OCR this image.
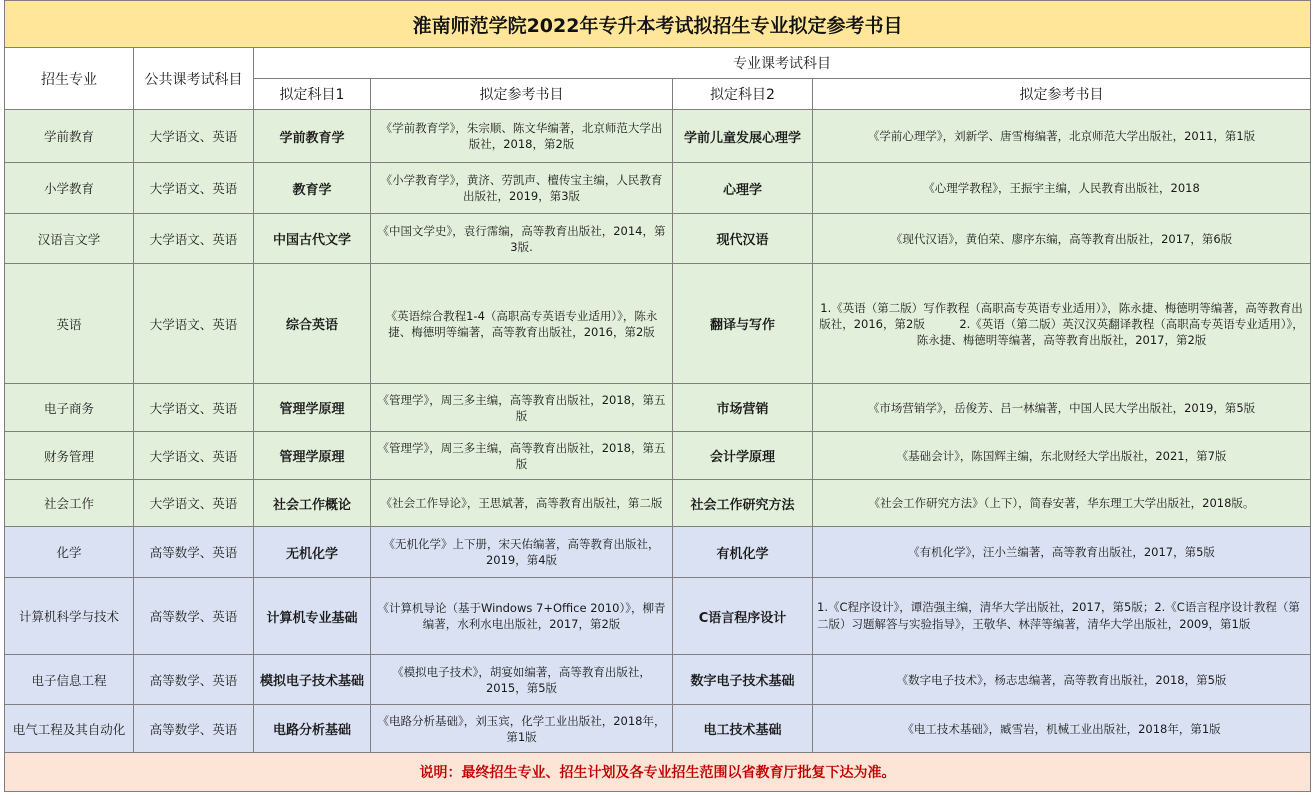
淮南师范学院2022年专升本考试拟招生专业拟定参考书目					
招生专业	公共课考试科目	专业课考试科目			
		拟定科目1	拟定参考书目	拟定科目2	拟定参考书目
学前教育	大学语文、英语	学前教育学	《学前教育学》，朱宗顺、陈文华编著，北京师范大学出版社，2018，第2版	学前儿童发展心理学	《学前心理学》，刘新学、唐雪梅编著，北京师范大学出版社，2011，第1版
小学教育	大学语文、英语	教育学	《小学教育学》，黄济、劳凯声、檀传宝主编，人民教育出版社，2019，第3版	心理学	《心理学教程》，王振宇主编，人民教育出版社，2018
汉语言文学	大学语文、英语	中国古代文学	《中国文学史》，袁行霈编，高等教育出版社，2014，第3版.	现代汉语	《现代汉语》，黄伯荣、廖序东编，高等教育出版社，2017，第6版
英语	大学语文、英语	综合英语	《英语综合教程1-4（高职高专英语专业适用）》，陈永捷、梅德明等编著，高等教育出版社，2016，第2版	翻译与写作	1.《英语（第二版）写作教程（高职高专英语专业适用）》，陈永捷、梅德明等编著，高等教育出版社，2016，第2版　　　2.《英语（第二版）英汉汉英翻译教程（高职高专英语专业适用）》，陈永捷、梅德明等编著，高等教育出版社，2017，第2版
电子商务	大学语文、英语	管理学原理	《管理学》，周三多主编，高等教育出版社，2018，第五版	市场营销	《市场营销学》，岳俊芳、吕一林编著，中国人民大学出版社，2019，第5版
财务管理	大学语文、英语	管理学原理	《管理学》，周三多主编，高等教育出版社，2018，第五版	会计学原理	《基础会计》，陈国辉主编，东北财经大学出版社，2021，第7版
社会工作	大学语文、英语	社会工作概论	《社会工作导论》，王思斌著，高等教育出版社，第二版	社会工作研究方法	《社会工作研究方法》（上下），简春安著，华东理工大学出版社，2018版。
化学	高等数学、英语	无机化学	《无机化学》上下册，宋天佑编著，高等教育出版社，2019，第4版	有机化学	《有机化学》，汪小兰编著，高等教育出版社，2017，第5版
计算机科学与技术	高等数学、英语	计算机专业基础	《计算机导论（基于Windows 7+Office 2010）》，柳青编著，水利水电出版社，2017，第2版	C语言程序设计	1.《C程序设计》，谭浩强主编，清华大学出版社，2017，第5版；2.《C语言程序设计教程（第二版）习题解答与实验指导》，王敬华、林萍等编著，清华大学出版社，2009，第1版
电子信息工程	高等数学、英语	模拟电子技术基础	《模拟电子技术》，胡宴如编著，高等教育出版社，2015，第5版	数字电子技术基础	《数字电子技术》，杨志忠编著，高等教育出版社，2018，第5版
电气工程及其自动化	高等数学、英语	电路分析基础	《电路分析基础》，刘玉宾，化学工业出版社，2018年，第1版	电工技术基础	《电工技术基础》，臧雪岩，机械工业出版社，2018年，第1版
说明：最终招生专业、招生计划及各专业招生范围以省教育厅批复下达为准。					
